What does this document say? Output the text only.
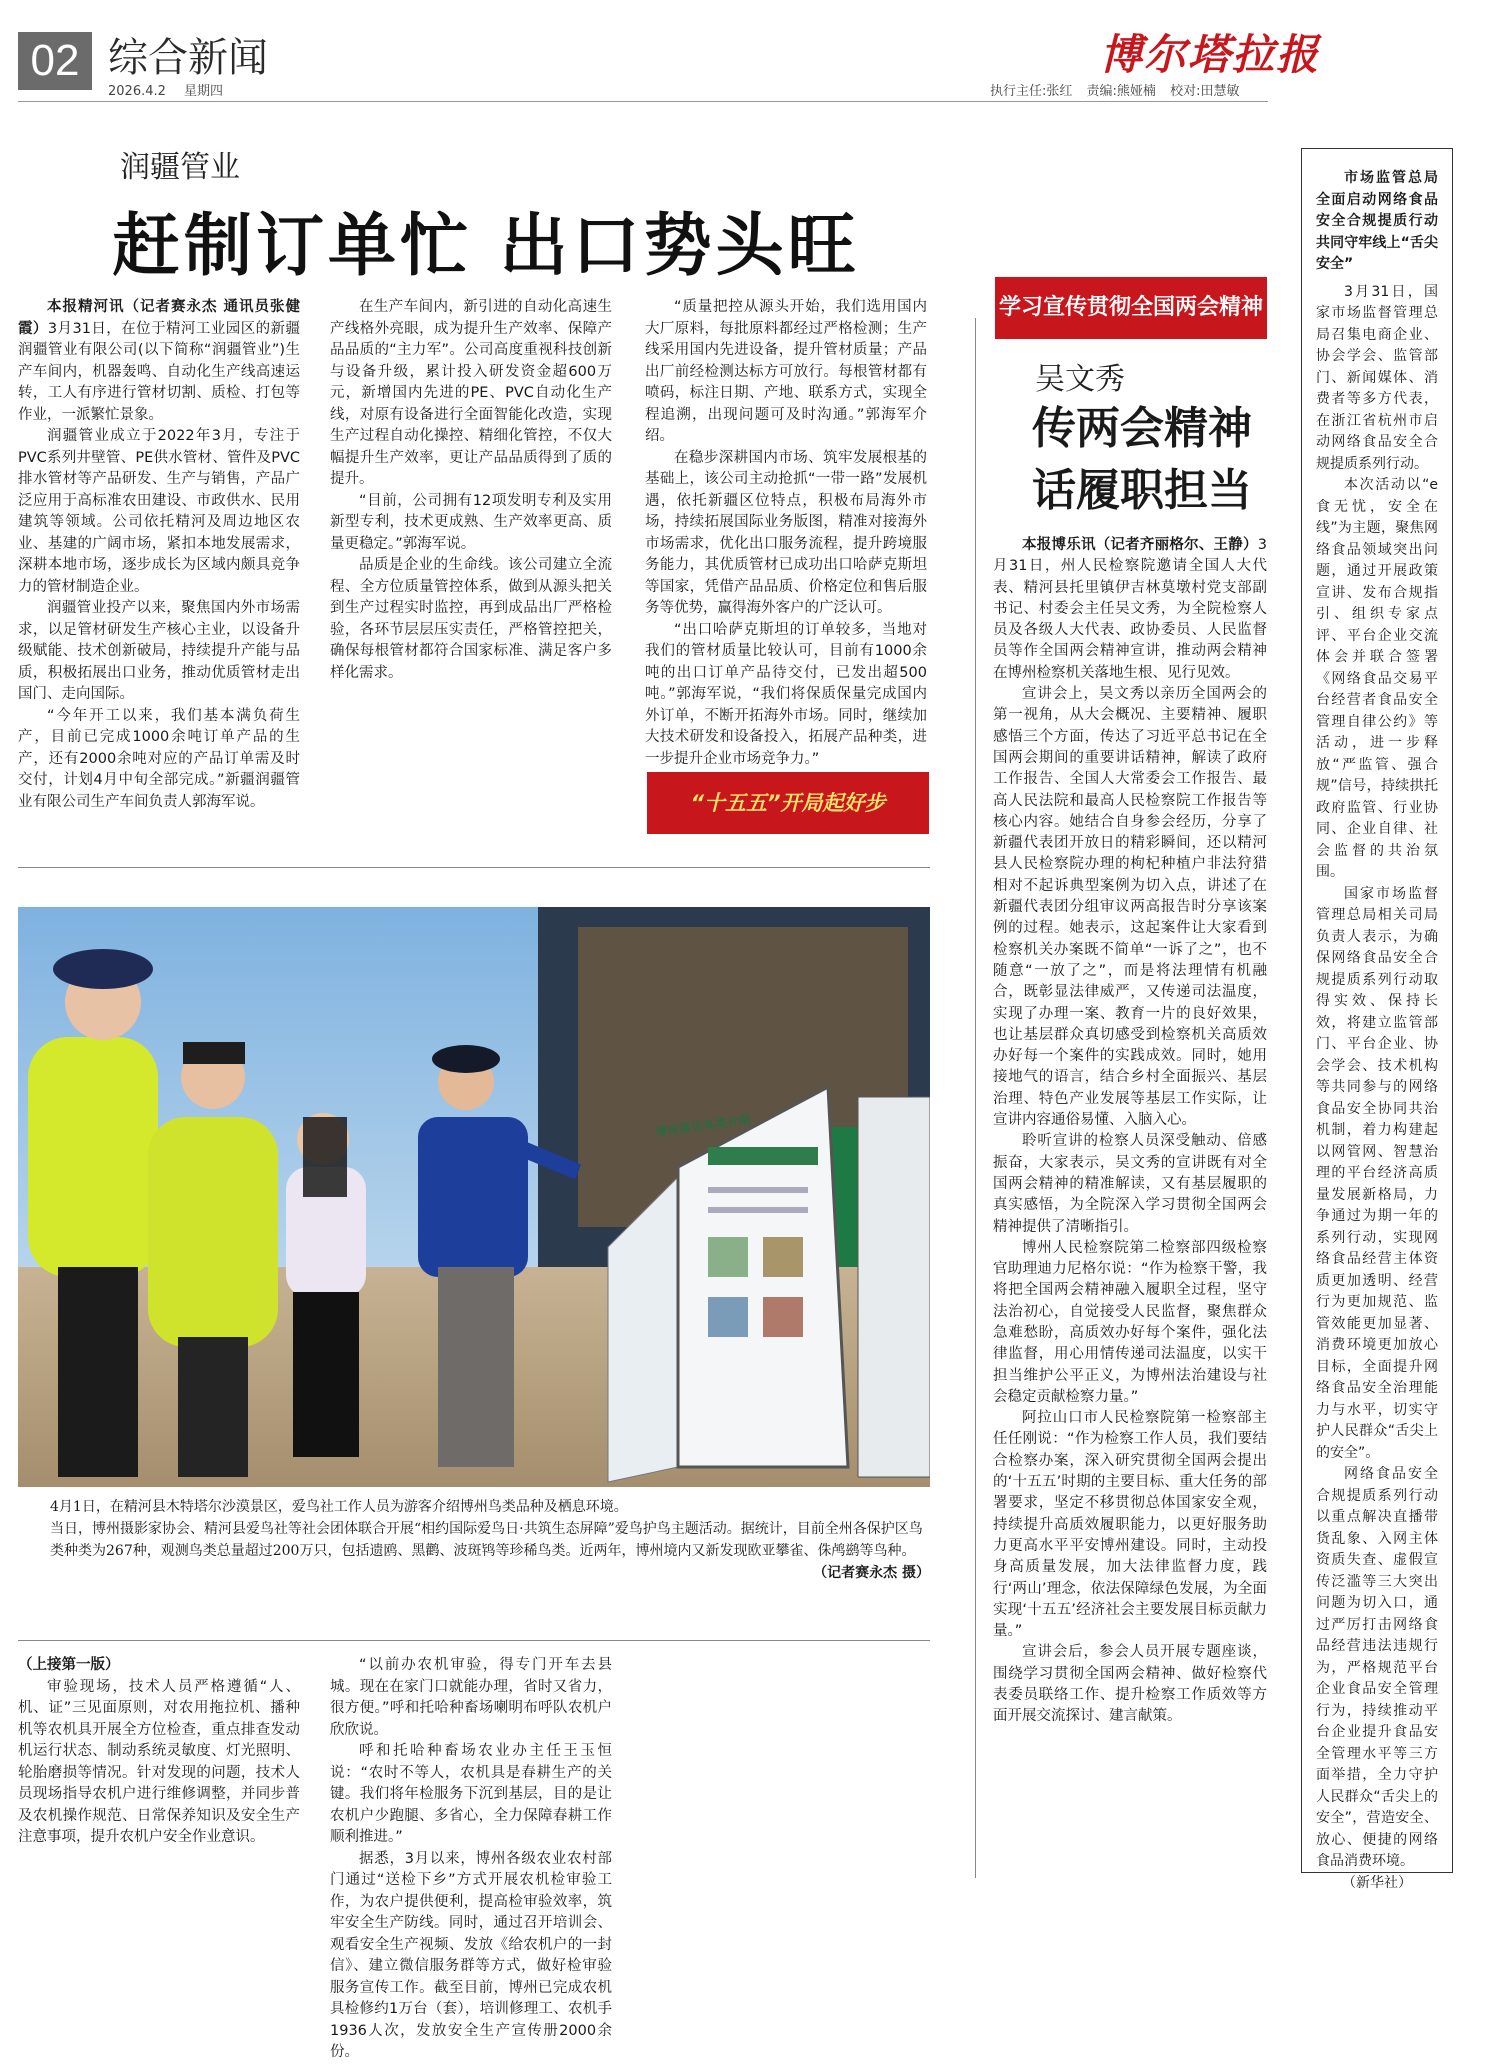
02 综合新闻
2026.4.2 星期四
博尔塔拉报
执行主任:张红 责编:熊娅楠 校对:田慧敏
润疆管业
赶制订单忙 出口势头旺

本报精河讯（记者赛永杰 通讯员张健霞）3月31日，在位于精河工业园区的新疆润疆管业有限公司(以下简称“润疆管业”)生产车间内，机器轰鸣、自动化生产线高速运转，工人有序进行管材切割、质检、打包等作业，一派繁忙景象。

润疆管业成立于2022年3月，专注于PVC系列井壁管、PE供水管材、管件及PVC排水管材等产品研发、生产与销售，产品广泛应用于高标准农田建设、市政供水、民用建筑等领域。公司依托精河及周边地区农业、基建的广阔市场，紧扣本地发展需求，深耕本地市场，逐步成长为区域内颇具竞争力的管材制造企业。

润疆管业投产以来，聚焦国内外市场需求，以足管材研发生产核心主业，以设备升级赋能、技术创新破局，持续提升产能与品质，积极拓展出口业务，推动优质管材走出国门、走向国际。

“今年开工以来，我们基本满负荷生产，目前已完成1000余吨订单产品的生产，还有2000余吨对应的产品订单需及时交付，计划4月中旬全部完成。”新疆润疆管业有限公司生产车间负责人郭海军说。

在生产车间内，新引进的自动化高速生产线格外亮眼，成为提升生产效率、保障产品品质的“主力军”。公司高度重视科技创新与设备升级，累计投入研发资金超600万元，新增国内先进的PE、PVC自动化生产线，对原有设备进行全面智能化改造，实现生产过程自动化操控、精细化管控，不仅大幅提升生产效率，更让产品品质得到了质的提升。

“目前，公司拥有12项发明专利及实用新型专利，技术更成熟、生产效率更高、质量更稳定。”郭海军说。

品质是企业的生命线。该公司建立全流程、全方位质量管控体系，做到从源头把关到生产过程实时监控，再到成品出厂严格检验，各环节层层压实责任，严格管控把关，确保每根管材都符合国家标准、满足客户多样化需求。

“质量把控从源头开始，我们选用国内大厂原料，每批原料都经过严格检测；生产线采用国内先进设备，提升管材质量；产品出厂前经检测达标方可放行。每根管材都有喷码，标注日期、产地、联系方式，实现全程追溯，出现问题可及时沟通。”郭海军介绍。

在稳步深耕国内市场、筑牢发展根基的基础上，该公司主动抢抓“一带一路”发展机遇，依托新疆区位特点，积极布局海外市场，持续拓展国际业务版图，精准对接海外市场需求，优化出口服务流程，提升跨境服务能力，其优质管材已成功出口哈萨克斯坦等国家，凭借产品品质、价格定位和售后服务等优势，赢得海外客户的广泛认可。

“出口哈萨克斯坦的订单较多，当地对我们的管材质量比较认可，目前有1000余吨的出口订单产品待交付，已发出超500吨。”郭海军说，“我们将保质保量完成国内外订单，不断开拓海外市场。同时，继续加大技术研发和设备投入，拓展产品种类，进一步提升企业市场竞争力。”

“十五五”开局起好步
博州常见鸟类介绍
4月1日，在精河县木特塔尔沙漠景区，爱鸟社工作人员为游客介绍博州鸟类品种及栖息环境。
当日，博州摄影家协会、精河县爱鸟社等社会团体联合开展“相约国际爱鸟日·共筑生态屏障”爱鸟护鸟主题活动。据统计，目前全州各保护区鸟类种类为267种，观测鸟类总量超过200万只，包括遗鸥、黑鹳、波斑鸨等珍稀鸟类。近两年，博州境内又新发现欧亚攀雀、侏鸬鹚等鸟种。
（记者赛永杰 摄）

（上接第一版）

审验现场，技术人员严格遵循“人、机、证”三见面原则，对农用拖拉机、播种机等农机具开展全方位检查，重点排查发动机运行状态、制动系统灵敏度、灯光照明、轮胎磨损等情况。针对发现的问题，技术人员现场指导农机户进行维修调整，并同步普及农机操作规范、日常保养知识及安全生产注意事项，提升农机户安全作业意识。

“以前办农机审验，得专门开车去县城。现在在家门口就能办理，省时又省力，很方便。”呼和托哈种畜场喇明布呼队农机户欣欣说。

呼和托哈种畜场农业办主任王玉恒说：“农时不等人，农机具是春耕生产的关键。我们将年检服务下沉到基层，目的是让农机户少跑腿、多省心，全力保障春耕工作顺利推进。”

据悉，3月以来，博州各级农业农村部门通过“送检下乡”方式开展农机检审验工作，为农户提供便利，提高检审验效率，筑牢安全生产防线。同时，通过召开培训会、观看安全生产视频、发放《给农机户的一封信》、建立微信服务群等方式，做好检审验服务宣传工作。截至目前，博州已完成农机具检修约1万台（套），培训修理工、农机手1936人次，发放安全生产宣传册2000余份。

学习宣传贯彻全国两会精神
吴文秀
传两会精神
话履职担当

本报博乐讯（记者齐丽格尔、王静）3月31日，州人民检察院邀请全国人大代表、精河县托里镇伊吉林莫墩村党支部副书记、村委会主任吴文秀，为全院检察人员及各级人大代表、政协委员、人民监督员等作全国两会精神宣讲，推动两会精神在博州检察机关落地生根、见行见效。

宣讲会上，吴文秀以亲历全国两会的第一视角，从大会概况、主要精神、履职感悟三个方面，传达了习近平总书记在全国两会期间的重要讲话精神，解读了政府工作报告、全国人大常委会工作报告、最高人民法院和最高人民检察院工作报告等核心内容。她结合自身参会经历，分享了新疆代表团开放日的精彩瞬间，还以精河县人民检察院办理的枸杞种植户非法狩猎相对不起诉典型案例为切入点，讲述了在新疆代表团分组审议两高报告时分享该案例的过程。她表示，这起案件让大家看到检察机关办案既不简单“一诉了之”，也不随意“一放了之”，而是将法理情有机融合，既彰显法律威严，又传递司法温度，实现了办理一案、教育一片的良好效果，也让基层群众真切感受到检察机关高质效办好每一个案件的实践成效。同时，她用接地气的语言，结合乡村全面振兴、基层治理、特色产业发展等基层工作实际，让宣讲内容通俗易懂、入脑入心。

聆听宣讲的检察人员深受触动、倍感振奋，大家表示，吴文秀的宣讲既有对全国两会精神的精准解读，又有基层履职的真实感悟，为全院深入学习贯彻全国两会精神提供了清晰指引。

博州人民检察院第二检察部四级检察官助理迪力尼格尔说：“作为检察干警，我将把全国两会精神融入履职全过程，坚守法治初心，自觉接受人民监督，聚焦群众急难愁盼，高质效办好每个案件，强化法律监督，用心用情传递司法温度，以实干担当维护公平正义，为博州法治建设与社会稳定贡献检察力量。”

阿拉山口市人民检察院第一检察部主任任刚说：“作为检察工作人员，我们要结合检察办案，深入研究贯彻全国两会提出的‘十五五’时期的主要目标、重大任务的部署要求，坚定不移贯彻总体国家安全观，持续提升高质效履职能力，以更好服务助力更高水平平安博州建设。同时，主动投身高质量发展，加大法律监督力度，践行‘两山’理念，依法保障绿色发展，为全面实现‘十五五’经济社会主要发展目标贡献力量。”

宣讲会后，参会人员开展专题座谈，围绕学习贯彻全国两会精神、做好检察代表委员联络工作、提升检察工作质效等方面开展交流探讨、建言献策。

市场监管总局全面启动网络食品安全合规提质行动 共同守牢线上“舌尖安全”

3月31日，国家市场监督管理总局召集电商企业、协会学会、监管部门、新闻媒体、消费者等多方代表，在浙江省杭州市启动网络食品安全合规提质系列行动。

本次活动以“e食无忧，安全在线”为主题，聚焦网络食品领域突出问题，通过开展政策宣讲、发布合规指引、组织专家点评、平台企业交流体会并联合签署《网络食品交易平台经营者食品安全管理自律公约》等活动，进一步释放“严监管、强合规”信号，持续拱托政府监管、行业协同、企业自律、社会监督的共治氛围。

国家市场监督管理总局相关司局负责人表示，为确保网络食品安全合规提质系列行动取得实效、保持长效，将建立监管部门、平台企业、协会学会、技术机构等共同参与的网络食品安全协同共治机制，着力构建起以网管网、智慧治理的平台经济高质量发展新格局，力争通过为期一年的系列行动，实现网络食品经营主体资质更加透明、经营行为更加规范、监管效能更加显著、消费环境更加放心目标，全面提升网络食品安全治理能力与水平，切实守护人民群众“舌尖上的安全”。

网络食品安全合规提质系列行动以重点解决直播带货乱象、入网主体资质失查、虚假宣传泛滥等三大突出问题为切入口，通过严厉打击网络食品经营违法违规行为，严格规范平台企业食品安全管理行为，持续推动平台企业提升食品安全管理水平等三方面举措，全力守护人民群众“舌尖上的安全”，营造安全、放心、便捷的网络食品消费环境。

（新华社）
